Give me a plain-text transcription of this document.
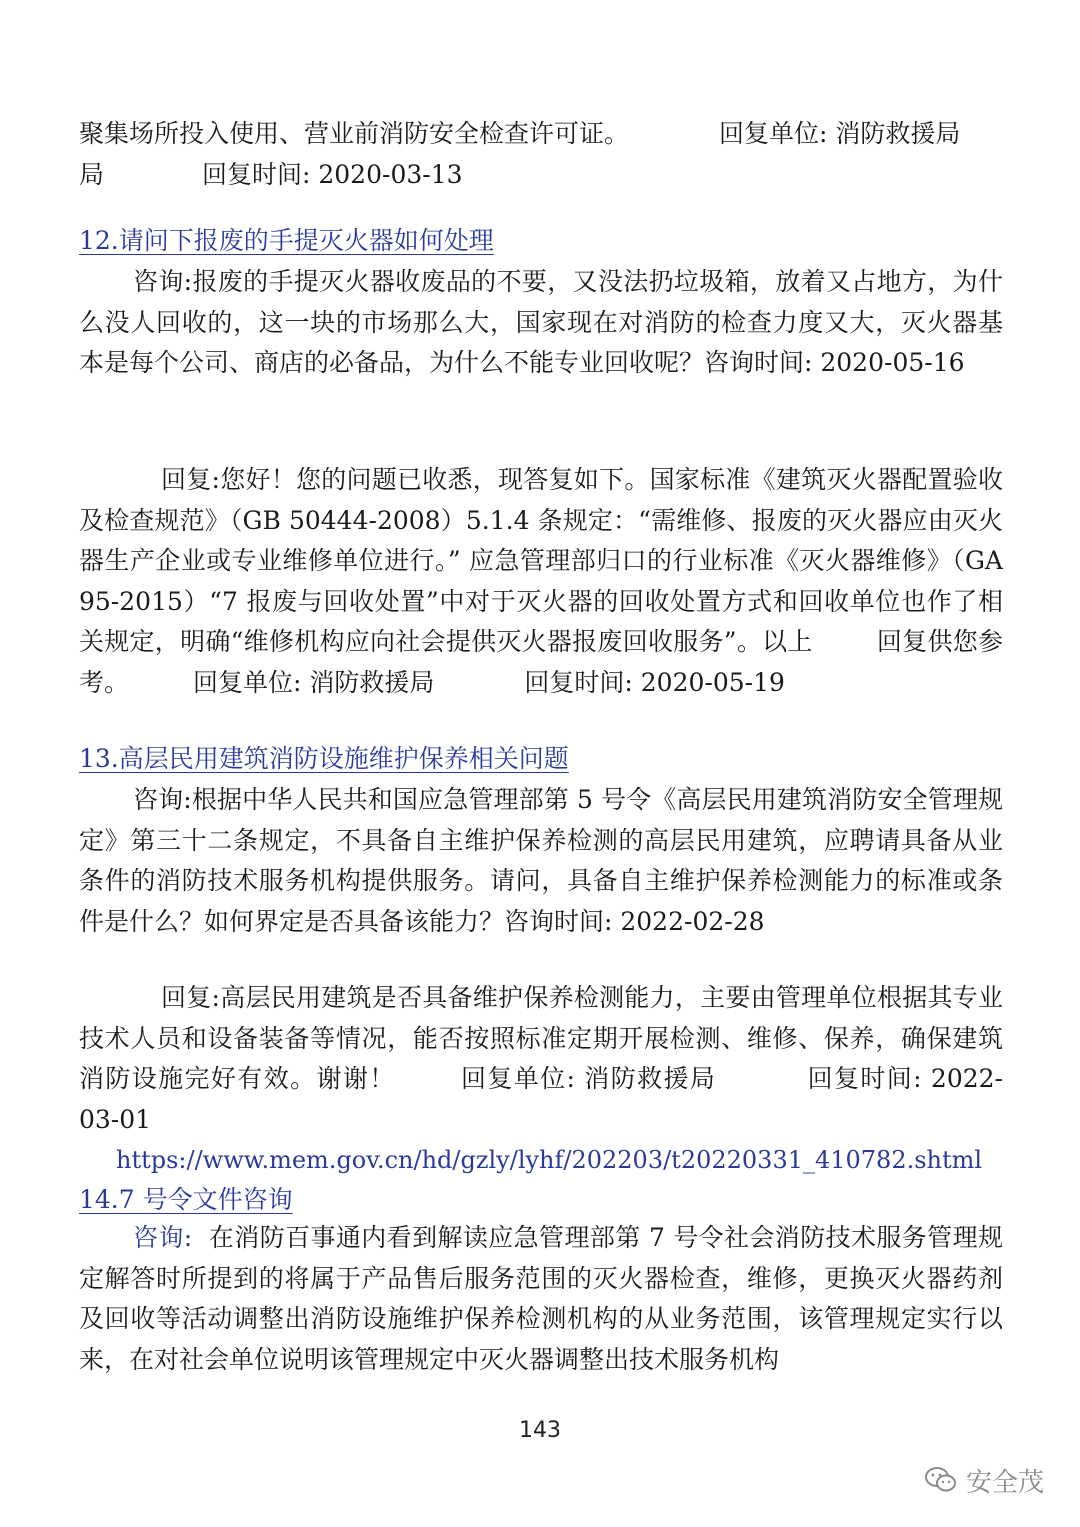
聚集场所投入使用、营业前消防安全检查许可证。	回复单位: 消防救援局
局	回复时间: 2020-03-13
12.请问下报废的手提灭火器如何处理
咨询:报废的手提灭火器收废品的不要，又没法扔垃圾箱，放着又占地方，为什么没人回收的，这一块的市场那么大，国家现在对消防的检查力度又大，灭火器基本是每个公司、商店的必备品，为什么不能专业回收呢？咨询时间: 2020-05-16
回复:您好！您的问题已收悉，现答复如下。国家标准《建筑灭火器配置验收及检查规范》（GB 50444-2008）5.1.4 条规定：“需维修、报废的灭火器应由灭火器生产企业或专业维修单位进行。” 应急管理部归口的行业标准《灭火器维修》（GA 95-2015）“7 报废与回收处置”中对于灭火器的回收处置方式和回收单位也作了相关规定，明确“维修机构应向社会提供灭火器报废回收服务”。以上	回复供您参考。	回复单位: 消防救援局	回复时间: 2020-05-19
13.高层民用建筑消防设施维护保养相关问题
咨询:根据中华人民共和国应急管理部第 5 号令《高层民用建筑消防安全管理规定》第三十二条规定，不具备自主维护保养检测的高层民用建筑，应聘请具备从业条件的消防技术服务机构提供服务。请问，具备自主维护保养检测能力的标准或条件是什么？如何界定是否具备该能力？咨询时间: 2022-02-28
回复:高层民用建筑是否具备维护保养检测能力，主要由管理单位根据其专业技术人员和设备装备等情况，能否按照标准定期开展检测、维修、保养，确保建筑消防设施完好有效。谢谢！	回复单位: 消防救援局	回复时间: 2022-03-01
https://www.mem.gov.cn/hd/gzly/lyhf/202203/t20220331_410782.shtml
14.7 号令文件咨询
咨询: 在消防百事通内看到解读应急管理部第 7 号令社会消防技术服务管理规定解答时所提到的将属于产品售后服务范围的灭火器检查，维修，更换灭火器药剂及回收等活动调整出消防设施维护保养检测机构的从业务范围，该管理规定实行以来，在对社会单位说明该管理规定中灭火器调整出技术服务机构
143
安全茂
